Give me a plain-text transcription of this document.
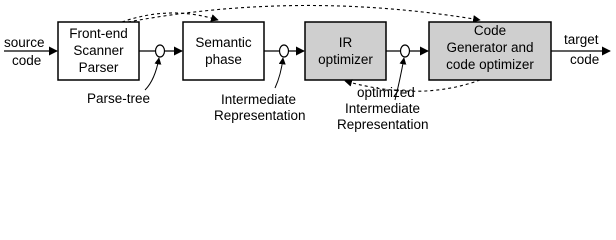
source
code
Front-end
Scanner
Parser
Semantic
phase
IR
optimizer
Code
Generator and
code optimizer
target
code
Parse-tree	Intermediate
Representation
optimized
Intermediate
Representation
